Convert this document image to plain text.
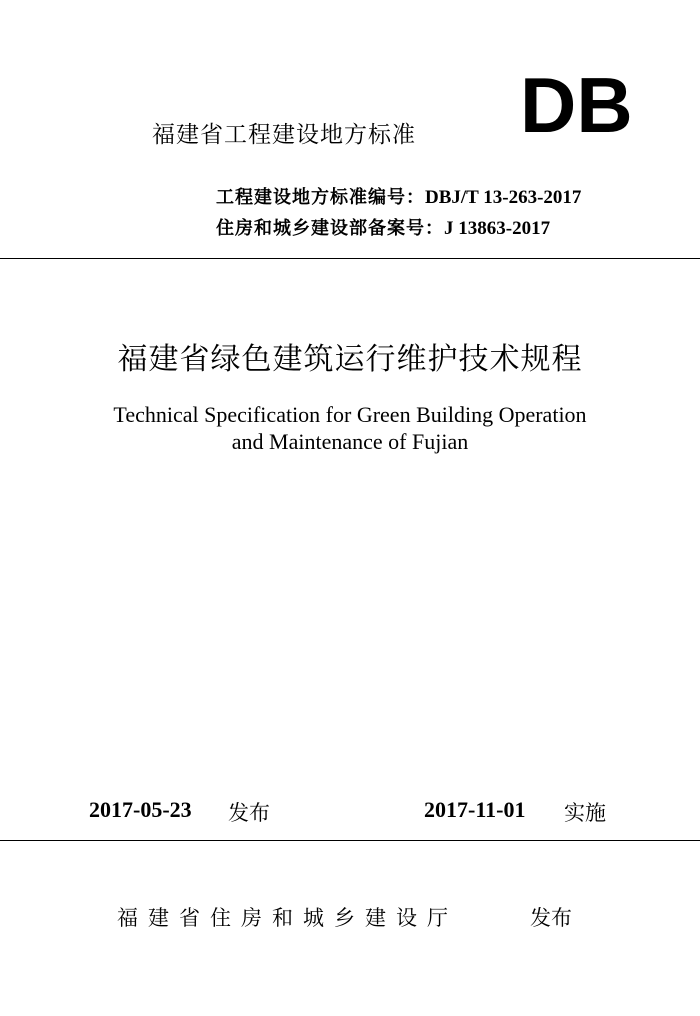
福建省工程建设地方标准 DB
工程建设地方标准编号：DBJ/T 13-263-2017
住房和城乡建设部备案号：J 13863-2017
福建省绿色建筑运行维护技术规程
Technical Specification for Green Building Operation
and Maintenance of Fujian
2017-05-23 发布	2017-11-01 实施
福建省住房和城乡建设厅	发布
